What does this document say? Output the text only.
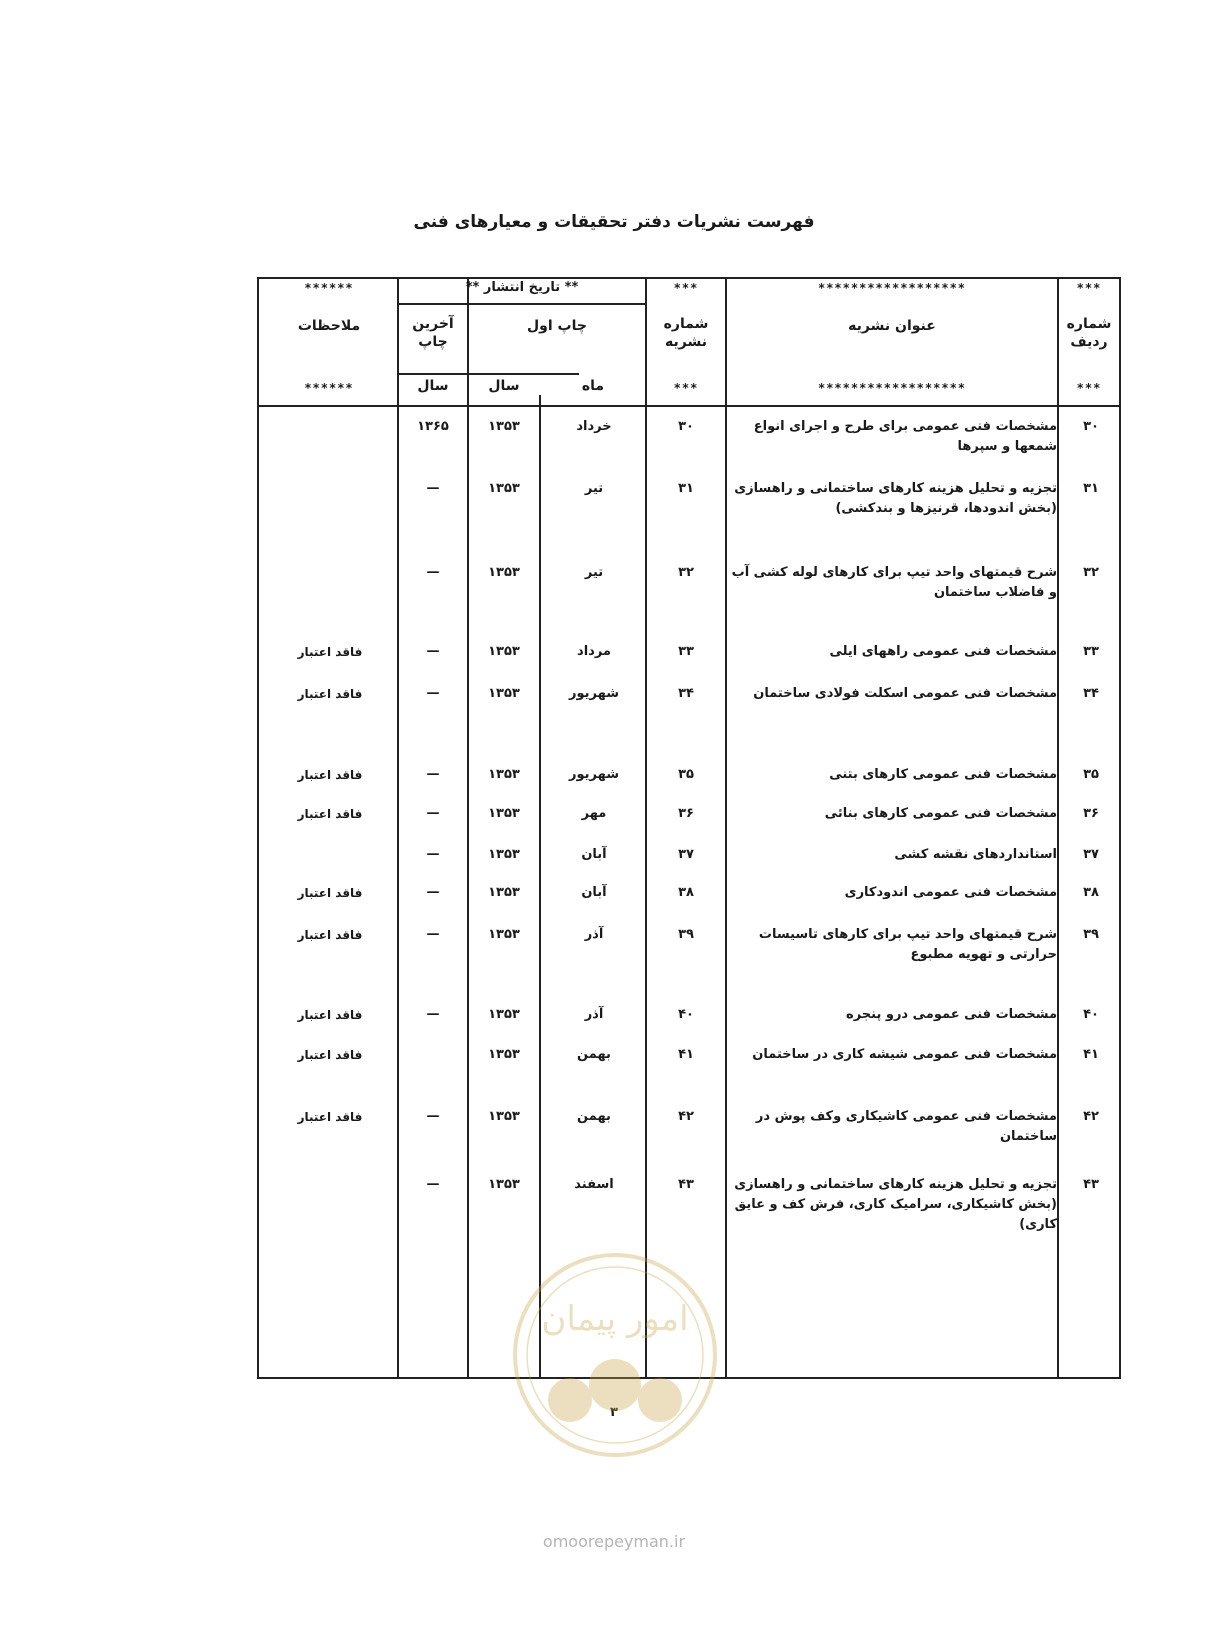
فهرست نشریات دفتر تحقیقات و معیارهای فنی
***
******************
***
** تاریخ انتشار **
******
شماره ردیف
عنوان نشریه
شماره نشریه
چاپ اول
آخرین چاپ
ملاحظات
***
******************
***
ماه
سال
سال
******
۳۰
مشخصات فنی عمومی برای طرح و اجرای انواع شمعها و سپرها
۳۰
خرداد
۱۳۵۳
۱۳۶۵
۳۱
تجزیه و تحلیل هزینه کارهای ساختمانی و راهسازی (بخش اندودها، قرنیزها و بندکشی)
۳۱
تیر
۱۳۵۳
—
۳۲
شرح قیمتهای واحد تیپ برای کارهای لوله کشی آب و فاضلاب ساختمان
۳۲
تیر
۱۳۵۳
—
۳۳
مشخصات فنی عمومی راههای ایلی
۳۳
مرداد
۱۳۵۳
—
فاقد اعتبار
۳۴
مشخصات فنی عمومی اسکلت فولادی ساختمان
۳۴
شهریور
۱۳۵۳
—
فاقد اعتبار
۳۵
مشخصات فنی عمومی کارهای بتنی
۳۵
شهریور
۱۳۵۳
—
فاقد اعتبار
۳۶
مشخصات فنی عمومی کارهای بنائی
۳۶
مهر
۱۳۵۳
—
فاقد اعتبار
۳۷
استانداردهای نقشه کشی
۳۷
آبان
۱۳۵۳
—
۳۸
مشخصات فنی عمومی اندودکاری
۳۸
آبان
۱۳۵۳
—
فاقد اعتبار
۳۹
شرح قیمتهای واحد تیپ برای کارهای تاسیسات حرارتی و تهویه مطبوع
۳۹
آذر
۱۳۵۳
—
فاقد اعتبار
۴۰
مشخصات فنی عمومی درو پنجره
۴۰
آذر
۱۳۵۳
—
فاقد اعتبار
۴۱
مشخصات فنی عمومی شیشه کاری در ساختمان
۴۱
بهمن
۱۳۵۳
فاقد اعتبار
۴۲
مشخصات فنی عمومی کاشیکاری وکف پوش در ساختمان
۴۲
بهمن
۱۳۵۳
—
فاقد اعتبار
۴۳
تجزیه و تحلیل هزینه کارهای ساختمانی و راهسازی (بخش کاشیکاری، سرامیک کاری، فرش کف و عایق کاری)
۴۳
اسفند
۱۳۵۳
—
۳
امور پیمان
omoorepeyman.ir
